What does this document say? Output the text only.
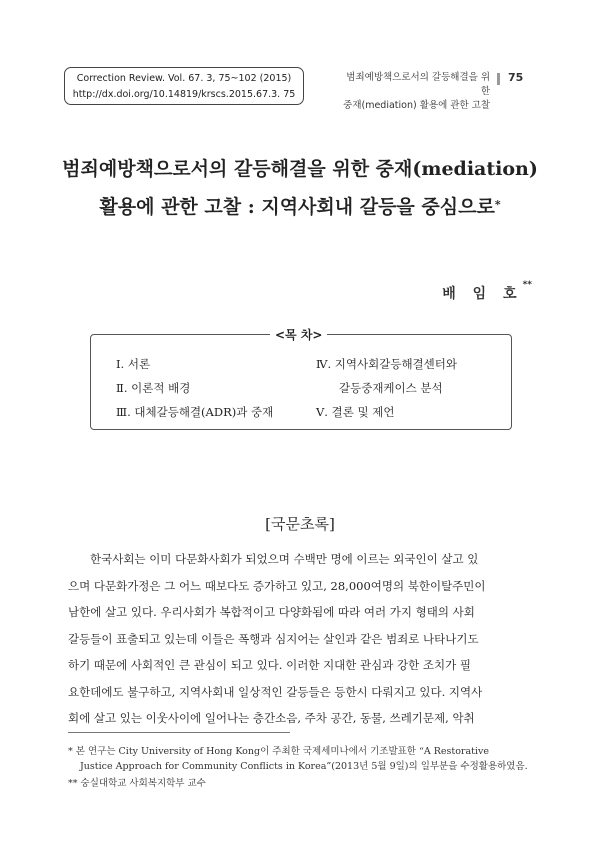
Correction Review. Vol. 67. 3, 75~102 (2015)
http://dx.doi.org/10.14819/krscs.2015.67.3. 75
범죄예방책으로서의 갈등해결을 위한
중재(mediation) 활용에 관한 고찰
75
범죄예방책으로서의 갈등해결을 위한 중재(mediation)
활용에 관한 고찰 : 지역사회내 갈등을 중심으로*
배 임 호**
<목 차>
Ⅰ. 서론
Ⅱ. 이론적 배경
Ⅲ. 대체갈등해결(ADR)과 중재
Ⅳ. 지역사회갈등해결센터와
갈등중재케이스 분석
Ⅴ. 결론 및 제언
[국문초록]
한국사회는 이미 다문화사회가 되었으며 수백만 명에 이르는 외국인이 살고 있
으며 다문화가정은 그 어느 때보다도 증가하고 있고, 28,000여명의 북한이탈주민이
남한에 살고 있다. 우리사회가 복합적이고 다양화됨에 따라 여러 가지 형태의 사회
갈등들이 표출되고 있는데 이들은 폭행과 심지어는 살인과 같은 범죄로 나타나기도
하기 때문에 사회적인 큰 관심이 되고 있다. 이러한 지대한 관심과 강한 조치가 필
요한데에도 불구하고, 지역사회내 일상적인 갈등들은 등한시 다뤄지고 있다. 지역사
회에 살고 있는 이웃사이에 일어나는 층간소음, 주차 공간, 동물, 쓰레기문제, 악취
* 본 연구는 City University of Hong Kong이 주최한 국제세미나에서 기조발표한 “A Restorative
Justice Approach for Community Conflicts in Korea”(2013년 5월 9일)의 일부분을 수정활용하였음.
** 숭실대학교 사회복지학부 교수
